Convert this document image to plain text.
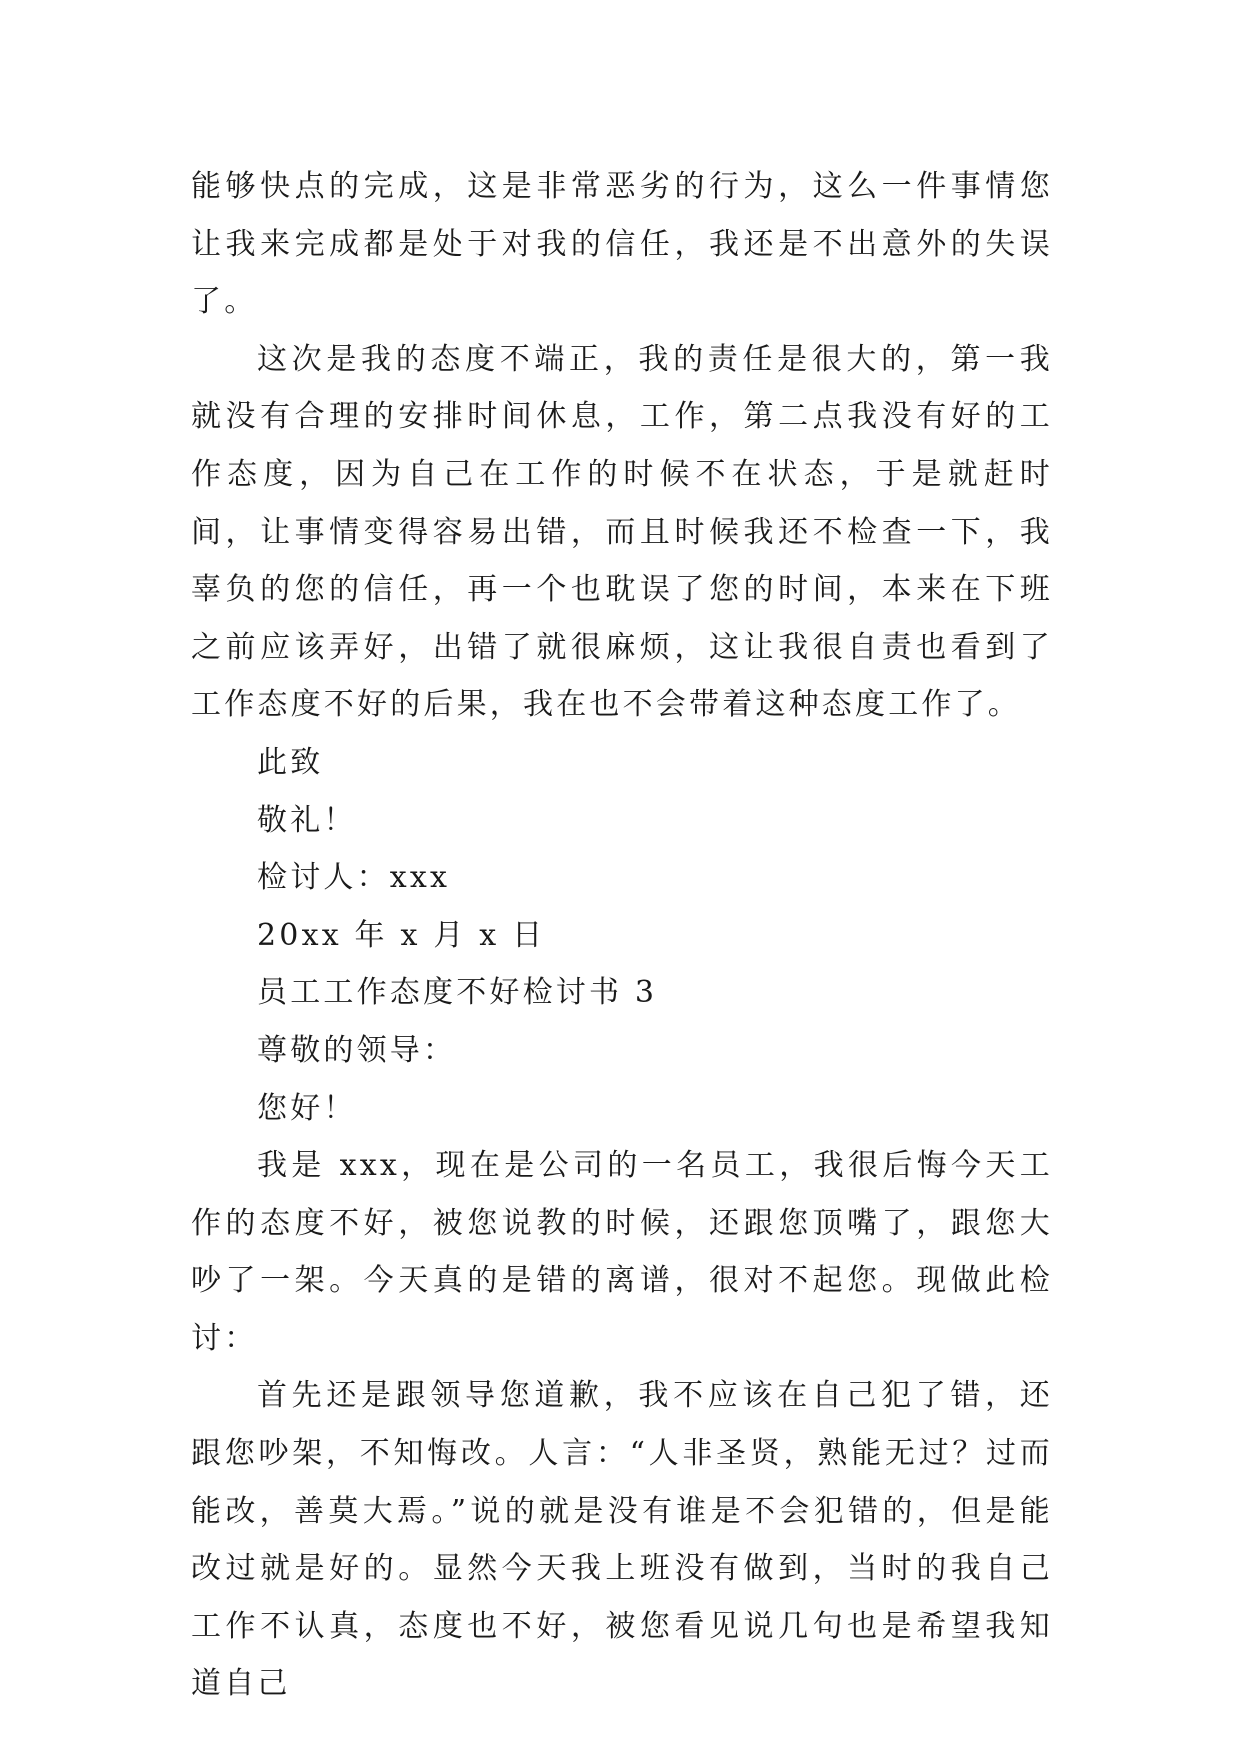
能够快点的完成，这是非常恶劣的行为，这么一件事情您让我来完成都是处于对我的信任，我还是不出意外的失误了。

这次是我的态度不端正，我的责任是很大的，第一我就没有合理的安排时间休息，工作，第二点我没有好的工作态度，因为自己在工作的时候不在状态，于是就赶时间，让事情变得容易出错，而且时候我还不检查一下，我辜负的您的信任，再一个也耽误了您的时间，本来在下班之前应该弄好，出错了就很麻烦，这让我很自责也看到了工作态度不好的后果，我在也不会带着这种态度工作了。

此致

敬礼！

检讨人：xxx

20xx 年 x 月 x 日

员工工作态度不好检讨书 3

尊敬的领导：

您好！

我是 xxx，现在是公司的一名员工，我很后悔今天工作的态度不好，被您说教的时候，还跟您顶嘴了，跟您大吵了一架。今天真的是错的离谱，很对不起您。现做此检讨：

首先还是跟领导您道歉，我不应该在自己犯了错，还跟您吵架，不知悔改。人言：“人非圣贤，熟能无过？过而能改，善莫大焉。”说的就是没有谁是不会犯错的，但是能改过就是好的。显然今天我上班没有做到，当时的我自己工作不认真，态度也不好，被您看见说几句也是希望我知道自己
